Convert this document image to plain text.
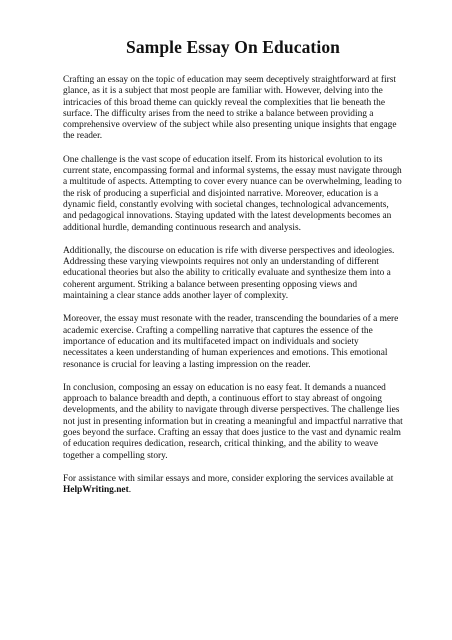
Sample Essay On Education

Crafting an essay on the topic of education may seem deceptively straightforward at first glance, as it is a subject that most people are familiar with. However, delving into the intricacies of this broad theme can quickly reveal the complexities that lie beneath the surface. The difficulty arises from the need to strike a balance between providing a comprehensive overview of the subject while also presenting unique insights that engage the reader.

One challenge is the vast scope of education itself. From its historical evolution to its current state, encompassing formal and informal systems, the essay must navigate through a multitude of aspects. Attempting to cover every nuance can be overwhelming, leading to the risk of producing a superficial and disjointed narrative. Moreover, education is a dynamic field, constantly evolving with societal changes, technological advancements, and pedagogical innovations. Staying updated with the latest developments becomes an additional hurdle, demanding continuous research and analysis.

Additionally, the discourse on education is rife with diverse perspectives and ideologies. Addressing these varying viewpoints requires not only an understanding of different educational theories but also the ability to critically evaluate and synthesize them into a coherent argument. Striking a balance between presenting opposing views and maintaining a clear stance adds another layer of complexity.

Moreover, the essay must resonate with the reader, transcending the boundaries of a mere academic exercise. Crafting a compelling narrative that captures the essence of the importance of education and its multifaceted impact on individuals and society necessitates a keen understanding of human experiences and emotions. This emotional resonance is crucial for leaving a lasting impression on the reader.

In conclusion, composing an essay on education is no easy feat. It demands a nuanced approach to balance breadth and depth, a continuous effort to stay abreast of ongoing developments, and the ability to navigate through diverse perspectives. The challenge lies not just in presenting information but in creating a meaningful and impactful narrative that goes beyond the surface. Crafting an essay that does justice to the vast and dynamic realm of education requires dedication, research, critical thinking, and the ability to weave together a compelling story.

For assistance with similar essays and more, consider exploring the services available at
HelpWriting.net.
